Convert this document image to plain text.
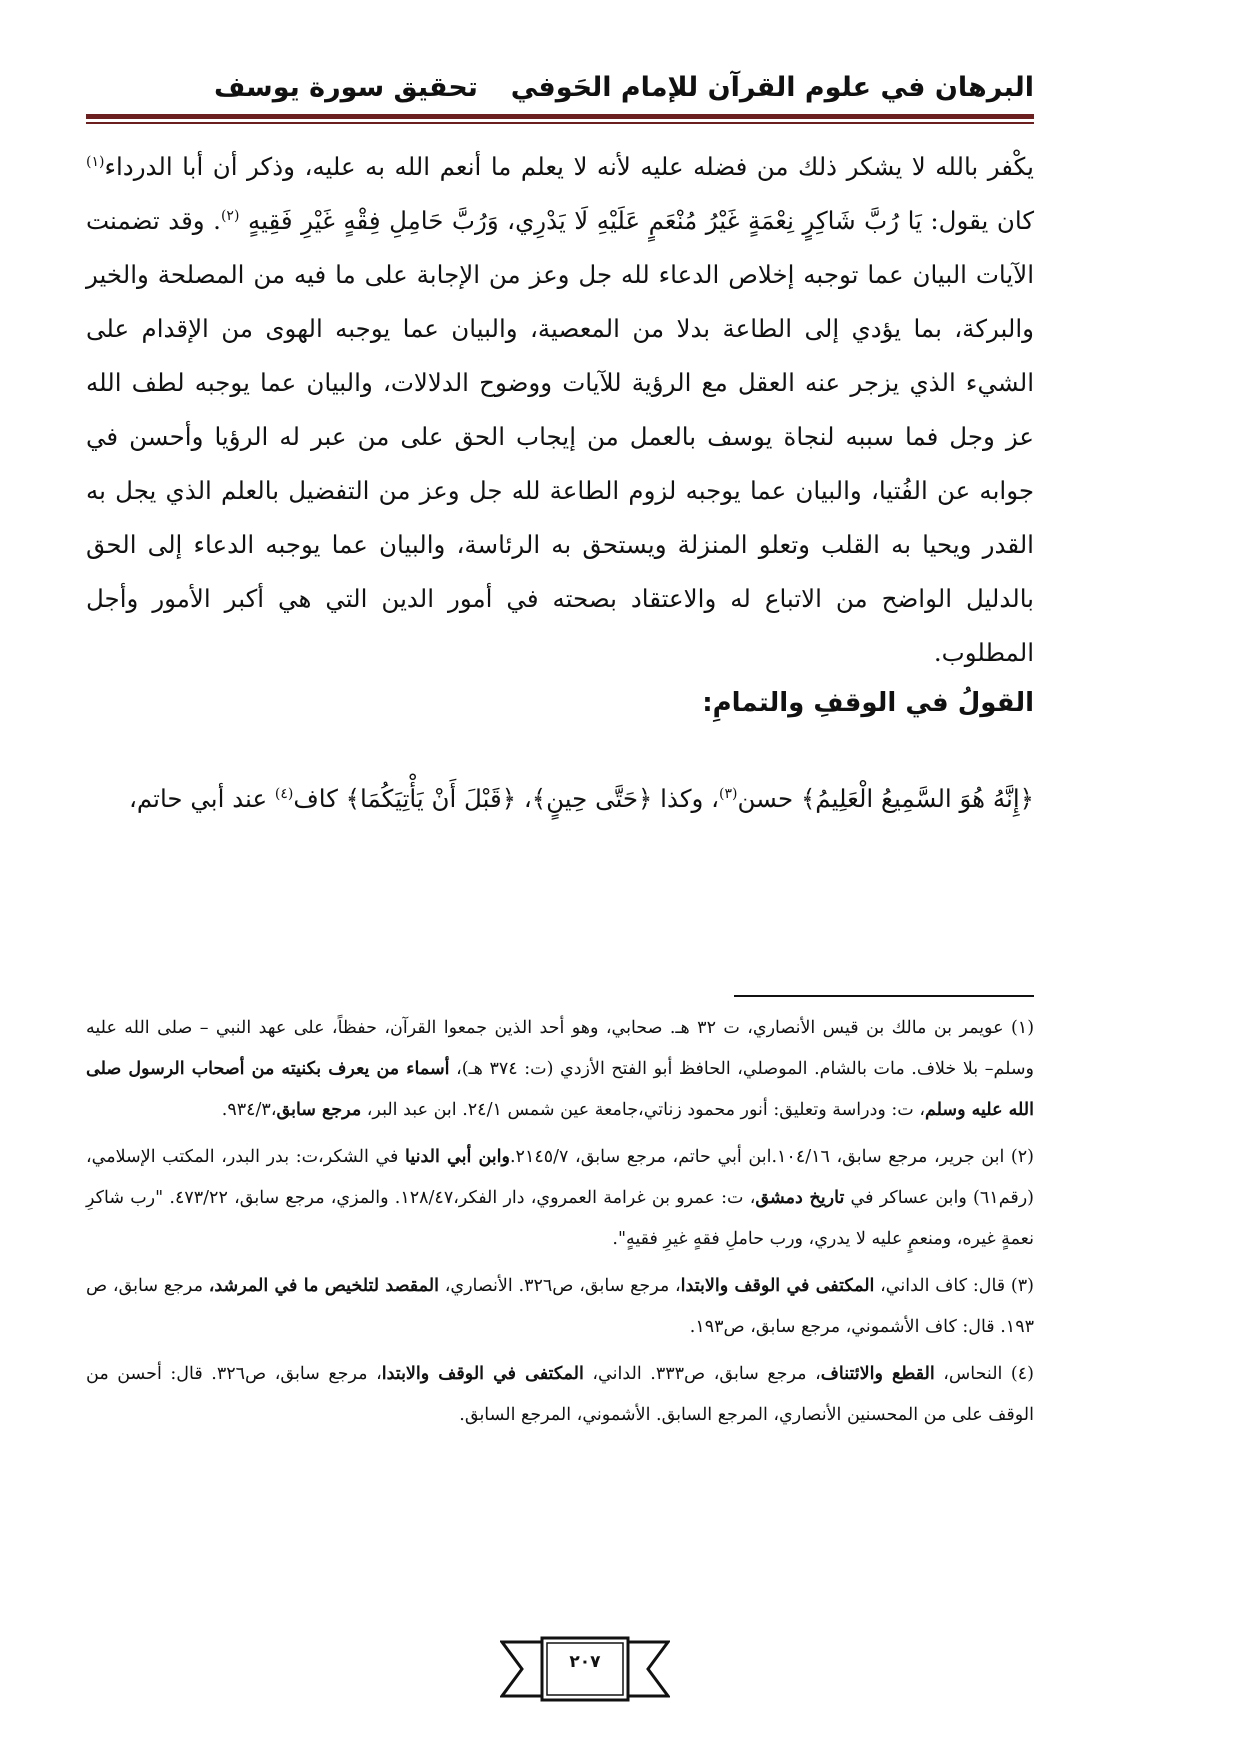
البرهان في علوم القرآن للإمام الحَوفي
تحقيق سورة يوسف

يكْفر بالله لا يشكر ذلك من فضله عليه لأنه لا يعلم ما أنعم الله به عليه، وذكر أن أبا الدرداء$^{(١)}$ كان يقول: يَا رُبَّ شَاكِرٍ نِعْمَةٍ غَيْرُ مُنْعَمٍ عَلَيْهِ لَا يَدْرِي، وَرُبَّ حَامِلِ فِقْهٍ غَيْرِ فَقِيهٍ $^{(٢)}$. وقد تضمنت الآيات البيان عما توجبه إخلاص الدعاء لله جل وعز من الإجابة على ما فيه من المصلحة والخير والبركة، بما يؤدي إلى الطاعة بدلا من المعصية، والبيان عما يوجبه الهوى من الإقدام على الشيء الذي يزجر عنه العقل مع الرؤية للآيات ووضوح الدلالات، والبيان عما يوجبه لطف الله عز وجل فما سببه لنجاة يوسف بالعمل من إيجاب الحق على من عبر له الرؤيا وأحسن في جوابه عن الفُتيا، والبيان عما يوجبه لزوم الطاعة لله جل وعز من التفضيل بالعلم الذي يجل به القدر ويحيا به القلب وتعلو المنزلة ويستحق به الرئاسة، والبيان عما يوجبه الدعاء إلى الحق بالدليل الواضح من الاتباع له والاعتقاد بصحته في أمور الدين التي هي أكبر الأمور وأجل المطلوب.

القولُ في الوقفِ والتمامِ:

﴿إِنَّهُ هُوَ السَّمِيعُ الْعَلِيمُ﴾ حسن$^{(٣)}$، وكذا ﴿حَتَّى حِينٍ﴾، ﴿قَبْلَ أَنْ يَأْتِيَكُمَا﴾ كاف$^{(٤)}$ عند أبي حاتم،

(١) عويمر بن مالك بن قيس الأنصاري، ت ٣٢ هـ. صحابي، وهو أحد الذين جمعوا القرآن، حفظاً، على عهد النبي – صلى الله عليه وسلم– بلا خلاف. مات بالشام. الموصلي، الحافظ أبو الفتح الأزدي (ت: ٣٧٤ هـ)، أسماء من يعرف بكنيته من أصحاب الرسول صلى الله عليه وسلم، ت: ودراسة وتعليق: أنور محمود زناتي،جامعة عين شمس ٢٤/١. ابن عبد البر، مرجع سابق،٩٣٤/٣.

(٢) ابن جرير، مرجع سابق، ١٠٤/١٦.ابن أبي حاتم، مرجع سابق، ٢١٤٥/٧.وابن أبي الدنيا في الشكر،ت: بدر البدر، المكتب الإسلامي، (رقم٦١) وابن عساكر في تاريخ دمشق، ت: عمرو بن غرامة العمروي، دار الفكر،١٢٨/٤٧. والمزي، مرجع سابق، ٤٧٣/٢٢. "رب شاكرِ نعمةٍ غيره، ومنعمٍ عليه لا يدري، ورب حاملِ فقهٍ غيرِ فقيهٍ".

(٣) قال: كاف الداني، المكتفى في الوقف والابتدا، مرجع سابق، ص٣٢٦. الأنصاري، المقصد لتلخيص ما في المرشد، مرجع سابق، ص ١٩٣. قال: كاف الأشموني، مرجع سابق، ص١٩٣.

(٤) النحاس، القطع والائتناف، مرجع سابق، ص٣٣٣. الداني، المكتفى في الوقف والابتدا، مرجع سابق، ص٣٢٦. قال: أحسن من الوقف على من المحسنين الأنصاري، المرجع السابق. الأشموني، المرجع السابق.

٢٠٧
